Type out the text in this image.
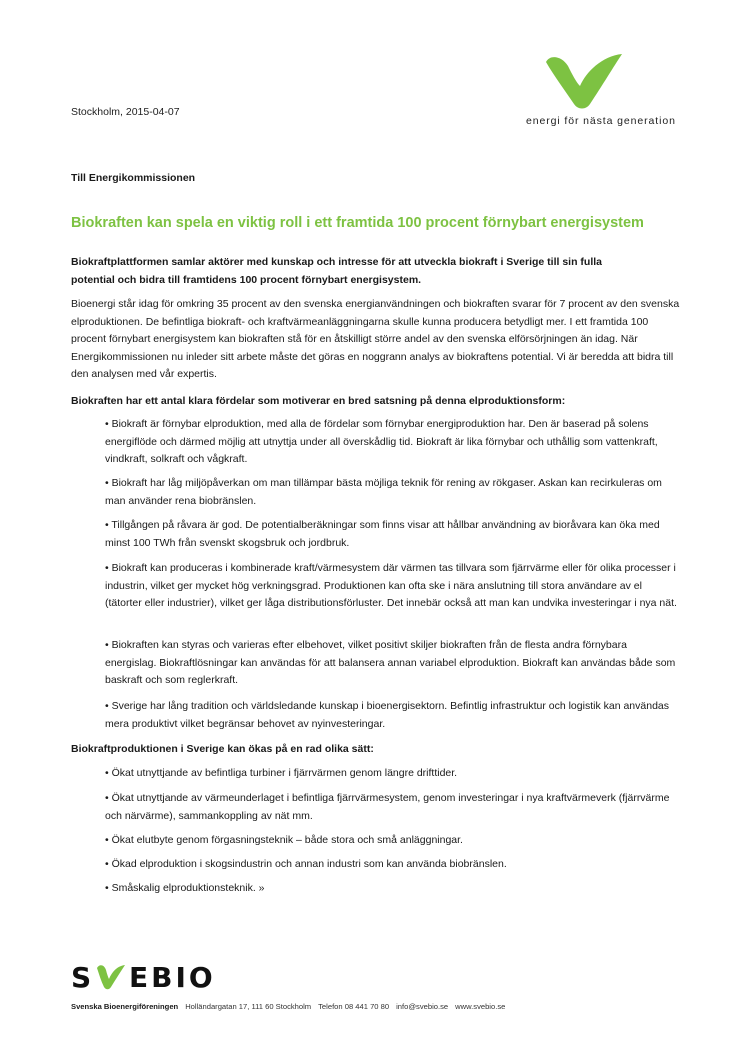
energi för nästa generation
Stockholm, 2015-04-07
Till Energikommissionen
Biokraften kan spela en viktig roll i ett framtida 100 procent förnybart energisystem
Biokraftplattformen samlar aktörer med kunskap och intresse för att utveckla biokraft i Sverige till sin fulla potential och bidra till framtidens 100 procent förnybart energisystem.
Bioenergi står idag för omkring 35 procent av den svenska energianvändningen och biokraften svarar för 7 procent av den svenska elproduktionen. De befintliga biokraft- och kraftvärmeanläggningarna skulle kunna producera betydligt mer. I ett framtida 100 procent förnybart energisystem kan biokraften stå för en åtskilligt större andel av den svenska elförsörjningen än idag. När Energikommissionen nu inleder sitt arbete måste det göras en noggrann analys av biokraftens potential. Vi är beredda att bidra till den analysen med vår expertis.
Biokraften har ett antal klara fördelar som motiverar en bred satsning på denna elproduktionsform:
• Biokraft är förnybar elproduktion, med alla de fördelar som förnybar energiproduktion har. Den är baserad på solens energiflöde och därmed möjlig att utnyttja under all överskådlig tid. Biokraft är lika förnybar och uthållig som vattenkraft, vindkraft, solkraft och vågkraft.
• Biokraft har låg miljöpåverkan om man tillämpar bästa möjliga teknik för rening av rökgaser. Askan kan recirkuleras om man använder rena biobränslen.
• Tillgången på råvara är god. De potentialberäkningar som finns visar att hållbar användning av bioråvara kan öka med minst 100 TWh från svenskt skogsbruk och jordbruk.
• Biokraft kan produceras i kombinerade kraft/värmesystem där värmen tas tillvara som fjärrvärme eller för olika processer i industrin, vilket ger mycket hög verkningsgrad. Produktionen kan ofta ske i nära anslutning till stora användare av el (tätorter eller industrier), vilket ger låga distributionsförluster. Det innebär också att man kan undvika investeringar i nya nät.
• Biokraften kan styras och varieras efter elbehovet, vilket positivt skiljer biokraften från de flesta andra förnybara energislag. Biokraftlösningar kan användas för att balansera annan variabel elproduktion. Biokraft kan användas både som baskraft och som reglerkraft.
• Sverige har lång tradition och världsledande kunskap i bioenergisektorn. Befintlig infrastruktur och logistik kan användas mera produktivt vilket begränsar behovet av nyinvesteringar.
Biokraftproduktionen i Sverige kan ökas på en rad olika sätt:
• Ökat utnyttjande av befintliga turbiner i fjärrvärmen genom längre drifttider.
• Ökat utnyttjande av värmeunderlaget i befintliga fjärrvärmesystem, genom investeringar i nya kraftvärmeverk (fjärrvärme och närvärme), sammankoppling av nät mm.
• Ökat elutbyte genom förgasningsteknik – både stora och små anläggningar.
• Ökad elproduktion i skogsindustrin och annan industri som kan använda biobränslen.
• Småskalig elproduktionsteknik. »
S EBIO
Svenska Bioenergiföreningen Holländargatan 17, 111 60 Stockholm Telefon 08 441 70 80 info@svebio.se www.svebio.se
